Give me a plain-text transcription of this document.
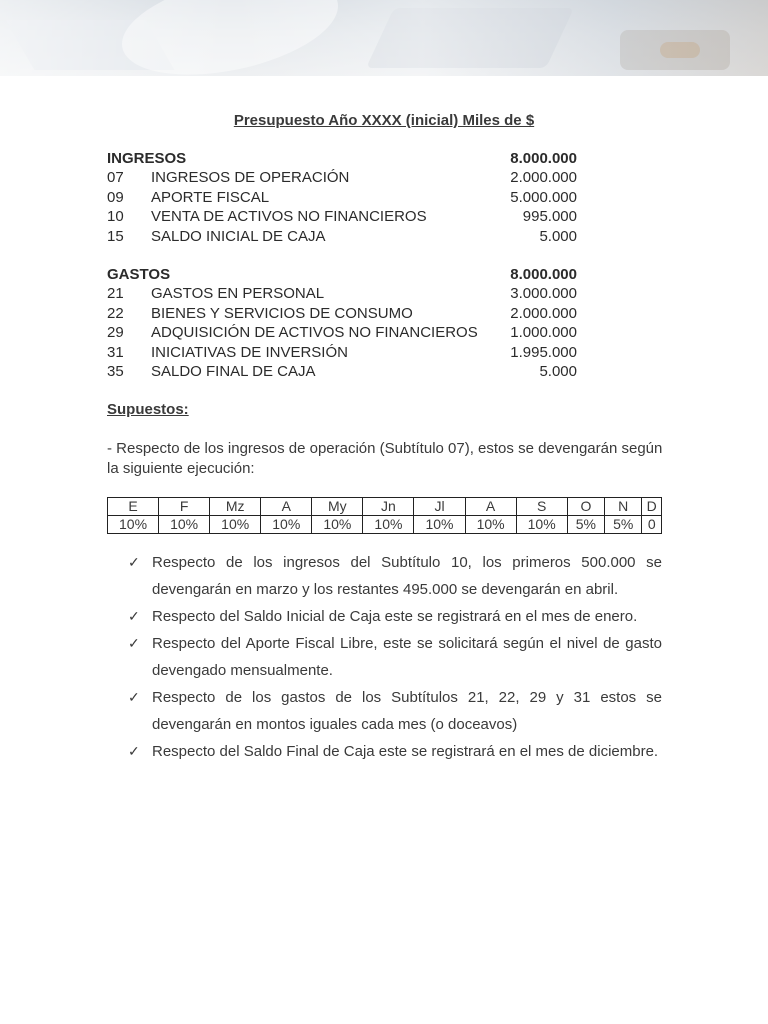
Presupuesto Año XXXX (inicial) Miles de $
INGRESOS	8.000.000
07 INGRESOS DE OPERACIÓN	2.000.000
09 APORTE FISCAL	5.000.000
10 VENTA DE ACTIVOS NO FINANCIEROS	995.000
15 SALDO INICIAL DE CAJA	5.000
GASTOS	8.000.000
21 GASTOS EN PERSONAL	3.000.000
22 BIENES Y SERVICIOS DE CONSUMO	2.000.000
29 ADQUISICIÓN DE ACTIVOS NO FINANCIEROS 1.000.000
31 INICIATIVAS DE INVERSIÓN	1.995.000
35 SALDO FINAL DE CAJA	5.000
Supuestos:
- Respecto de los ingresos de operación (Subtítulo 07), estos se devengarán según la siguiente ejecución:
E	F	Mz	A	My	Jn	Jl	A	S	O	N	D
10%	10%	10%	10%	10%	10%	10%	10%	10%	5%	5%	0
✓ Respecto de los ingresos del Subtítulo 10, los primeros 500.000 se devengarán en marzo y los restantes 495.000 se devengarán en abril.
✓ Respecto del Saldo Inicial de Caja este se registrará en el mes de enero.
✓ Respecto del Aporte Fiscal Libre, este se solicitará según el nivel de gasto devengado mensualmente.
✓ Respecto de los gastos de los Subtítulos 21, 22, 29 y 31 estos se devengarán en montos iguales cada mes (o doceavos)
✓ Respecto del Saldo Final de Caja este se registrará en el mes de diciembre.
